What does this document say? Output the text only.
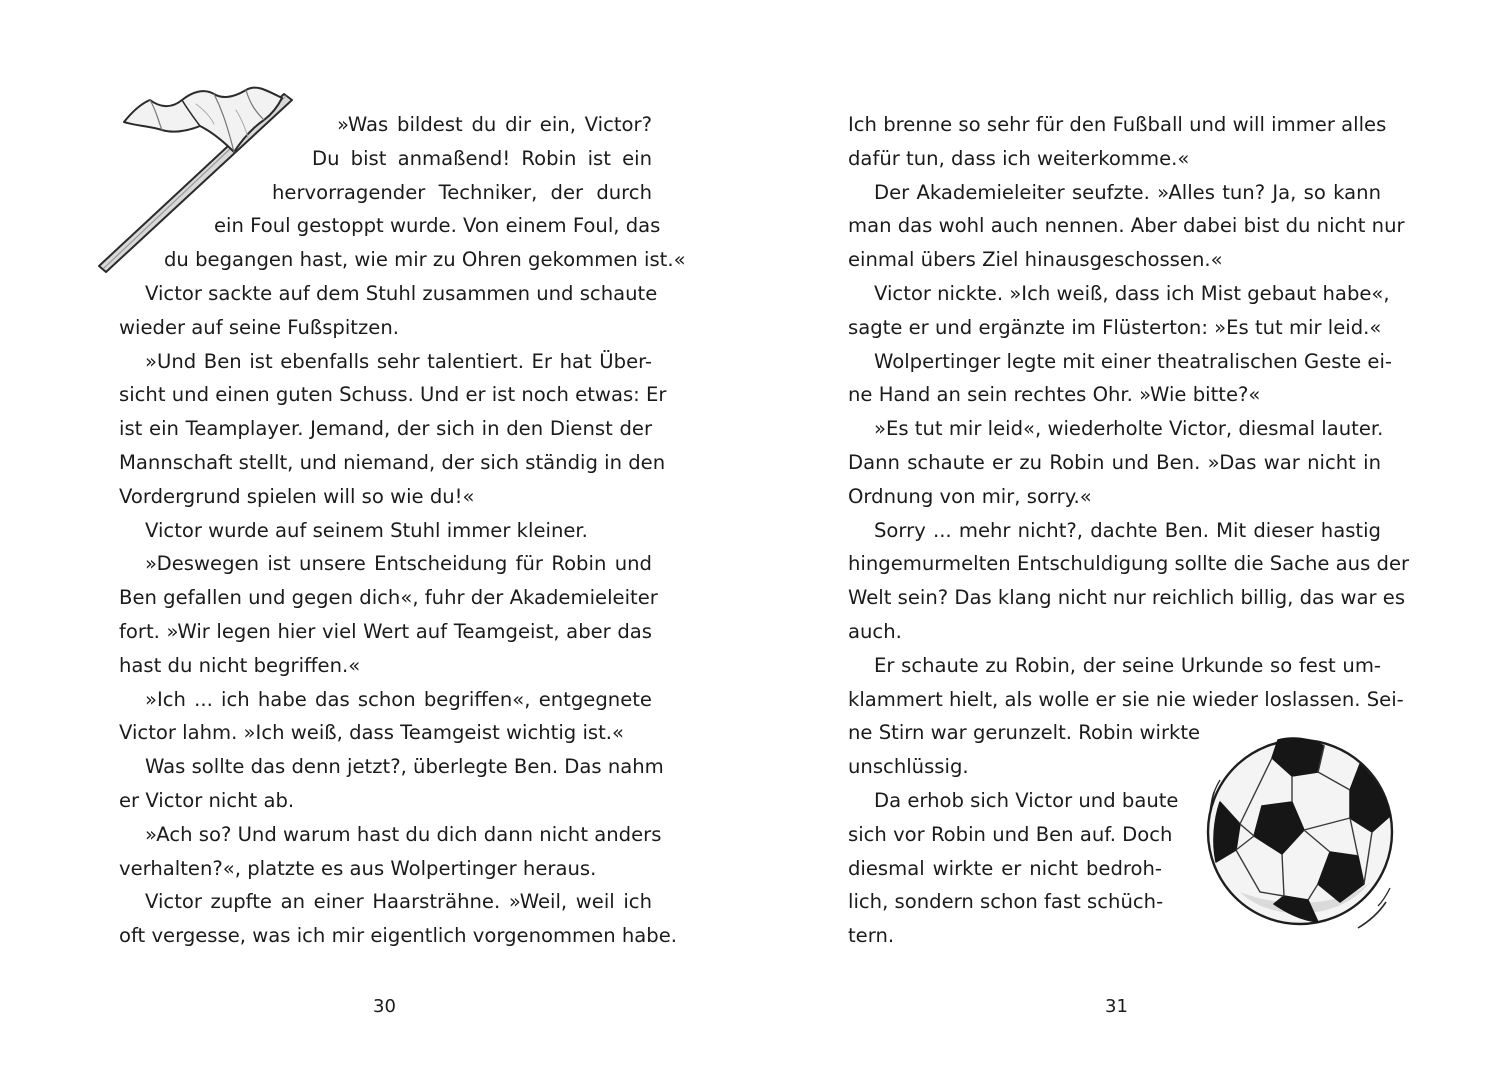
»Was bildest du dir ein, Victor?
Du bist anmaßend! Robin ist ein
hervorragender Techniker, der durch
ein Foul gestoppt wurde. Von einem Foul, das
du begangen hast, wie mir zu Ohren gekommen ist.«
Victor sackte auf dem Stuhl zusammen und schaute
wieder auf seine Fußspitzen.
»Und Ben ist ebenfalls sehr talentiert. Er hat Über-
sicht und einen guten Schuss. Und er ist noch etwas: Er
ist ein Teamplayer. Jemand, der sich in den Dienst der
Mannschaft stellt, und niemand, der sich ständig in den
Vordergrund spielen will so wie du!«
Victor wurde auf seinem Stuhl immer kleiner.
»Deswegen ist unsere Entscheidung für Robin und
Ben gefallen und gegen dich«, fuhr der Akademieleiter
fort. »Wir legen hier viel Wert auf Teamgeist, aber das
hast du nicht begriffen.«
»Ich ... ich habe das schon begriffen«, entgegnete
Victor lahm. »Ich weiß, dass Teamgeist wichtig ist.«
Was sollte das denn jetzt?, überlegte Ben. Das nahm
er Victor nicht ab.
»Ach so? Und warum hast du dich dann nicht anders
verhalten?«, platzte es aus Wolpertinger heraus.
Victor zupfte an einer Haarsträhne. »Weil, weil ich
oft vergesse, was ich mir eigentlich vorgenommen habe.
30
Ich brenne so sehr für den Fußball und will immer alles
dafür tun, dass ich weiterkomme.«
Der Akademieleiter seufzte. »Alles tun? Ja, so kann
man das wohl auch nennen. Aber dabei bist du nicht nur
einmal übers Ziel hinausgeschossen.«
Victor nickte. »Ich weiß, dass ich Mist gebaut habe«,
sagte er und ergänzte im Flüsterton: »Es tut mir leid.«
Wolpertinger legte mit einer theatralischen Geste ei-
ne Hand an sein rechtes Ohr. »Wie bitte?«
»Es tut mir leid«, wiederholte Victor, diesmal lauter.
Dann schaute er zu Robin und Ben. »Das war nicht in
Ordnung von mir, sorry.«
Sorry ... mehr nicht?, dachte Ben. Mit dieser hastig
hingemurmelten Entschuldigung sollte die Sache aus der
Welt sein? Das klang nicht nur reichlich billig, das war es
auch.
Er schaute zu Robin, der seine Urkunde so fest um-
klammert hielt, als wolle er sie nie wieder loslassen. Sei-
ne Stirn war gerunzelt. Robin wirkte
unschlüssig.
Da erhob sich Victor und baute
sich vor Robin und Ben auf. Doch
diesmal wirkte er nicht bedroh-
lich, sondern schon fast schüch-
tern.
31
